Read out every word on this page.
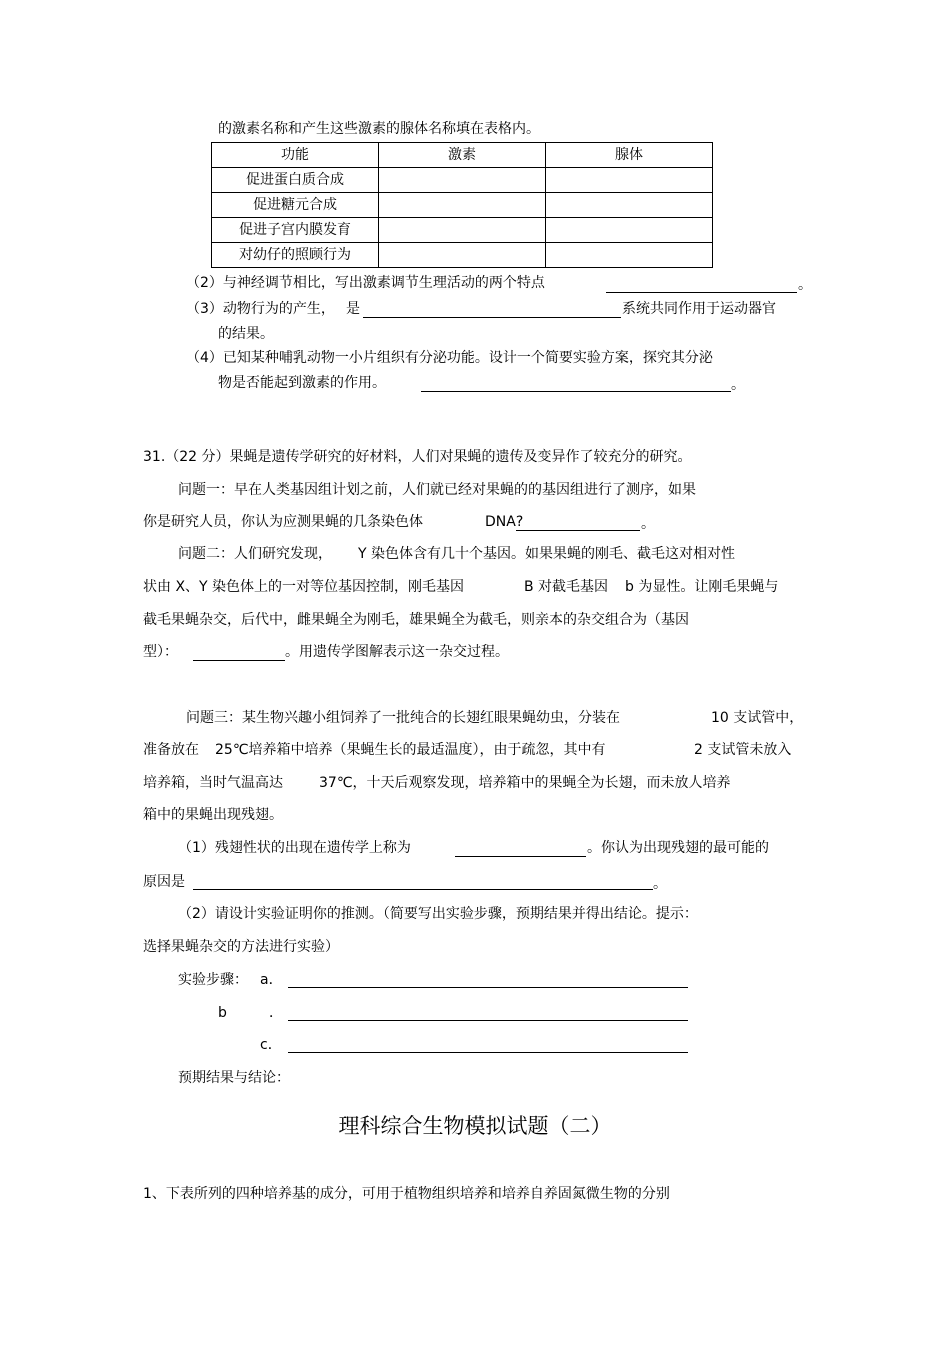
的激素名称和产生这些激素的腺体名称填在表格内。
功能	激素	腺体
促进蛋白质合成		
促进糖元合成		
促进子宫内膜发育		
对幼仔的照顾行为		
（2）与神经调节相比，写出激素调节生理活动的两个特点	。
（3）动物行为的产生， 是	系统共同作用于运动器官
的结果。
（4）已知某种哺乳动物一小片组织有分泌功能。设计一个简要实验方案，探究其分泌
物是否能起到激素的作用。	。
31.（22 分）果蝇是遗传学研究的好材料，人们对果蝇的遗传及变异作了较充分的研究。
问题一：早在人类基因组计划之前，人们就已经对果蝇的的基因组进行了测序，如果
你是研究人员，你认为应测果蝇的几条染色体	DNA?	。
问题二：人们研究发现， Y 染色体含有几十个基因。如果果蝇的刚毛、截毛这对相对性
状由 X、Y 染色体上的一对等位基因控制，刚毛基因	B 对截毛基因 b 为显性。让刚毛果蝇与
截毛果蝇杂交，后代中，雌果蝇全为刚毛，雄果蝇全为截毛，则亲本的杂交组合为（基因
型）：	。用遗传学图解表示这一杂交过程。
问题三：某生物兴趣小组饲养了一批纯合的长翅红眼果蝇幼虫，分装在	10 支试管中，
准备放在 25℃培养箱中培养（果蝇生长的最适温度），由于疏忽，其中有	2 支试管未放入
培养箱，当时气温高达	37℃，十天后观察发现，培养箱中的果蝇全为长翅，而未放人培养
箱中的果蝇出现残翅。
（1）残翅性状的出现在遗传学上称为	。你认为出现残翅的最可能的
原因是	。
（2）请设计实验证明你的推测。（简要写出实验步骤，预期结果并得出结论。提示：
选择果蝇杂交的方法进行实验）
实验步骤： a．
b	．
c．
预期结果与结论：
理科综合生物模拟试题（二）
1、下表所列的四种培养基的成分，可用于植物组织培养和培养自养固氮微生物的分别
